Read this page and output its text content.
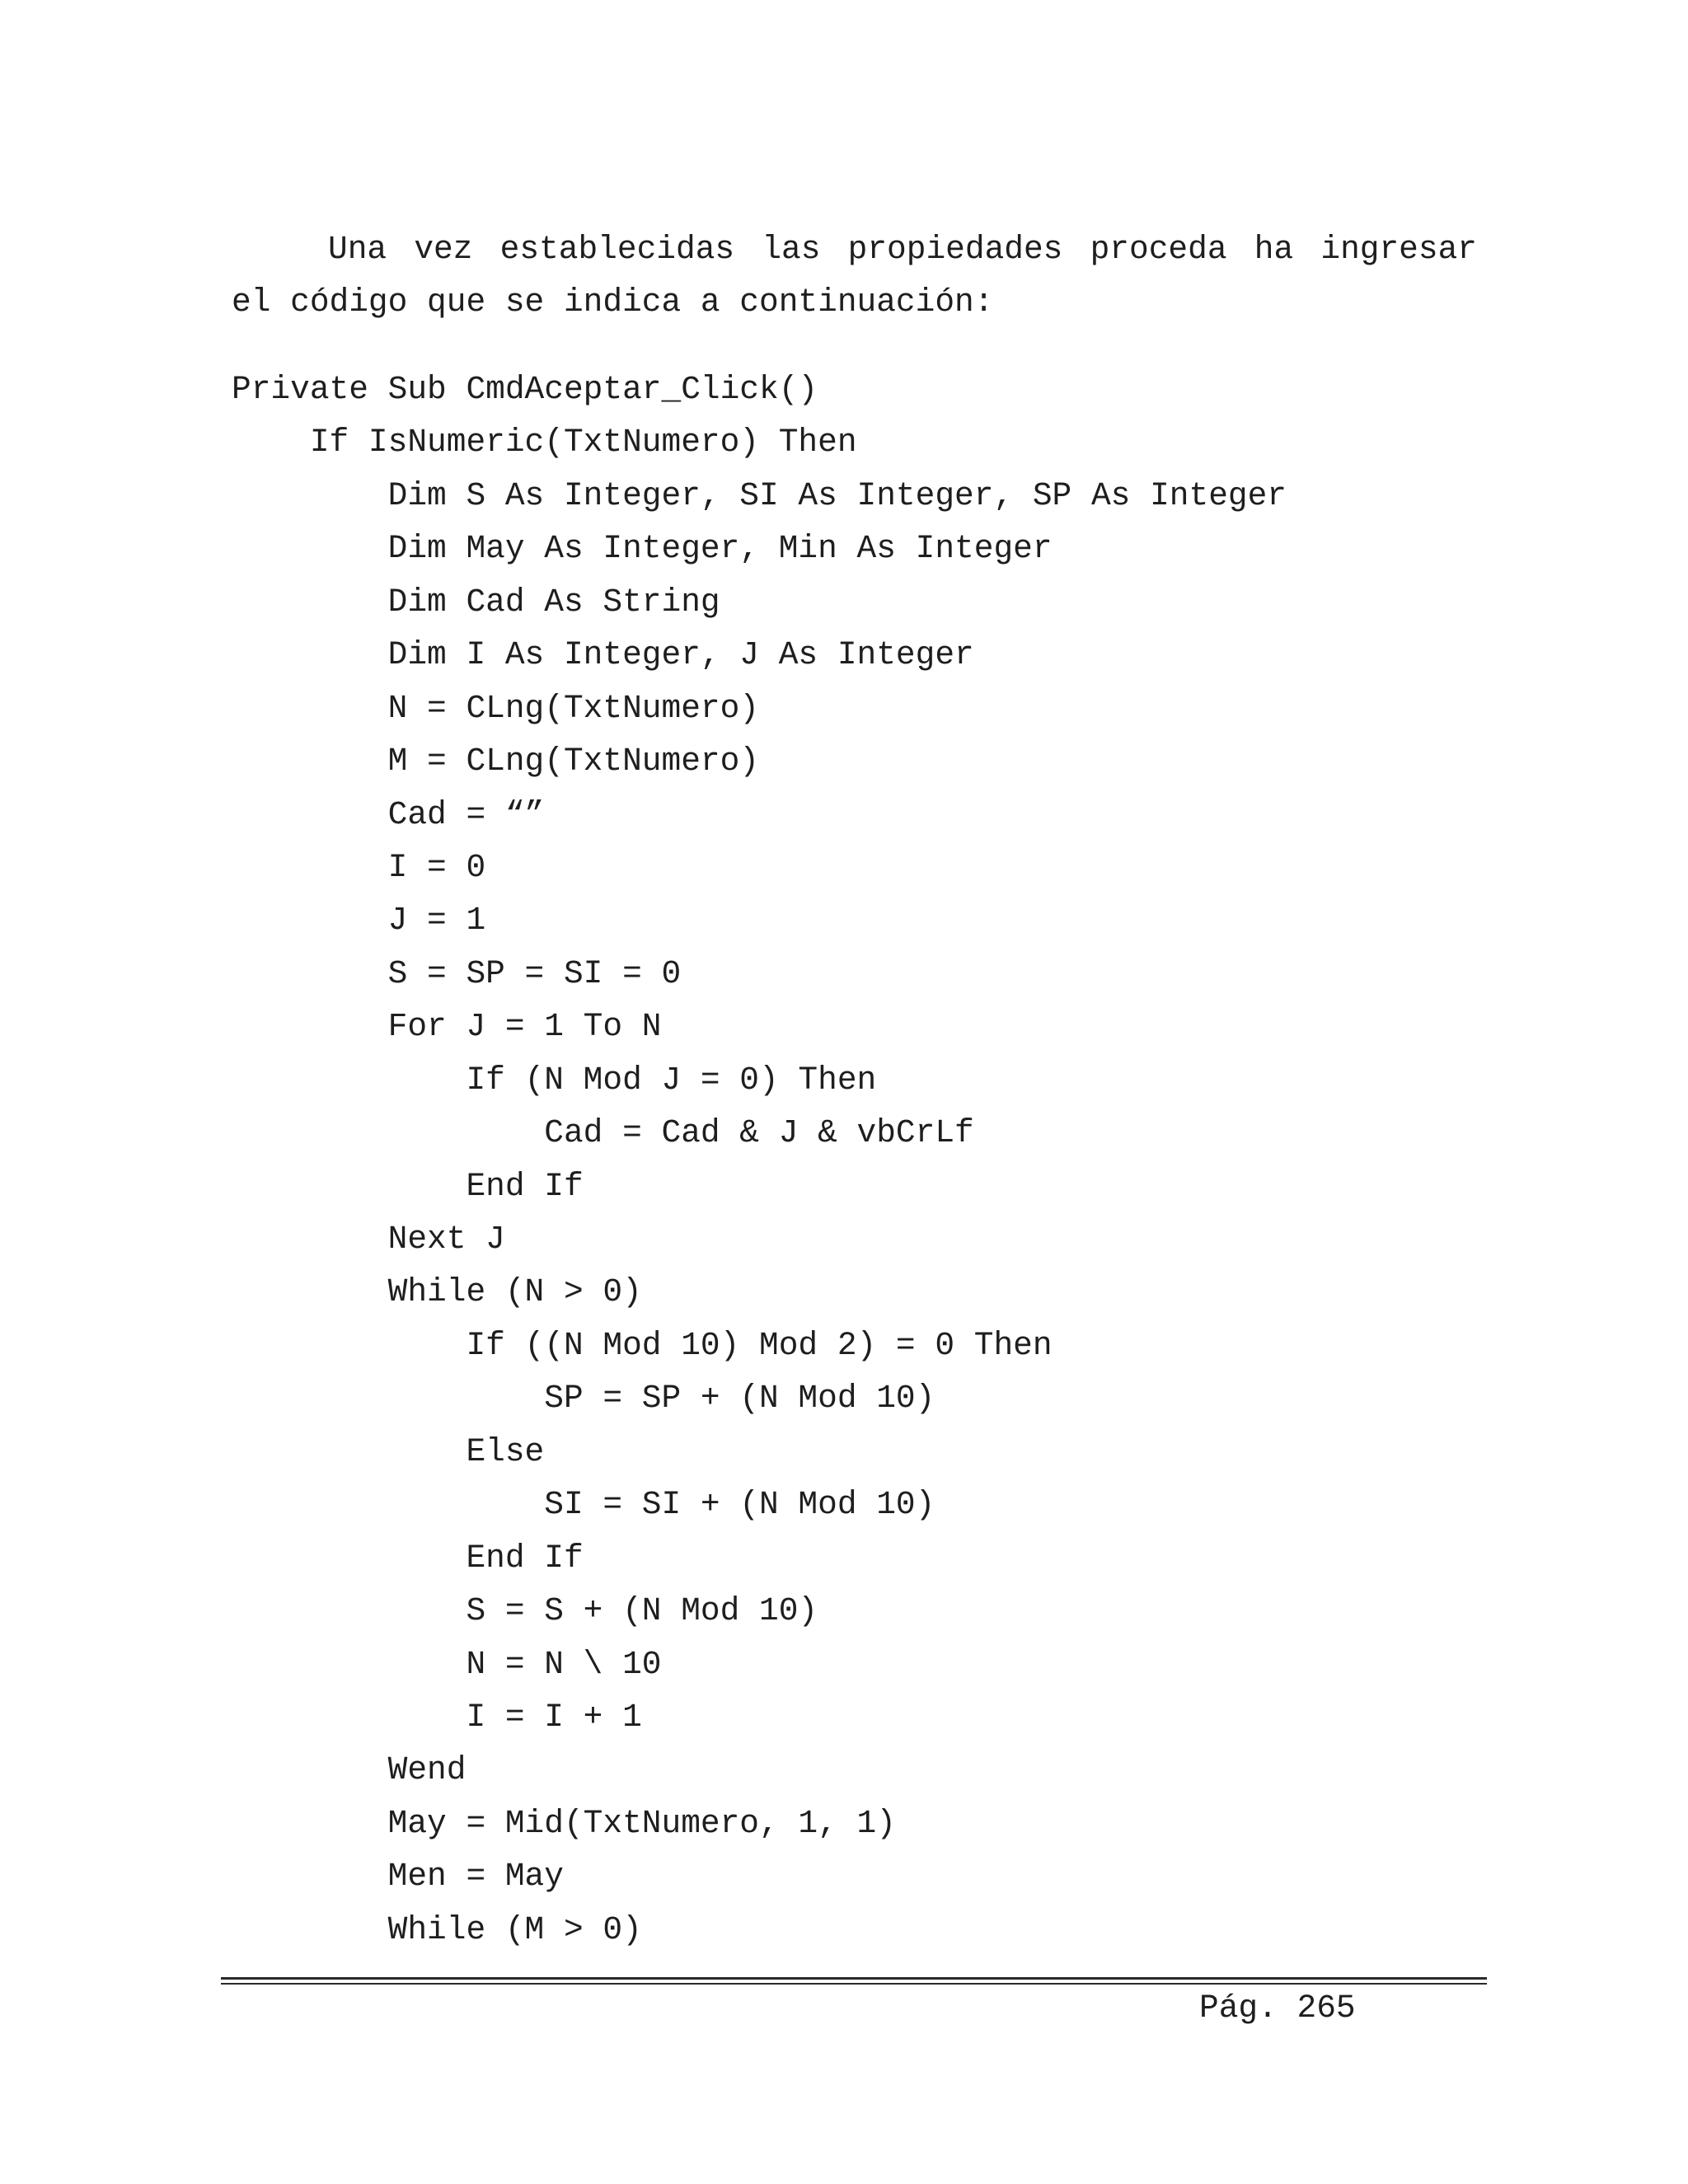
Una vez establecidas las propiedades proceda ha ingresar
el código que se indica a continuación:
Private Sub CmdAceptar_Click()
If IsNumeric(TxtNumero) Then
Dim S As Integer, SI As Integer, SP As Integer
Dim May As Integer, Min As Integer
Dim Cad As String
Dim I As Integer, J As Integer
N = CLng(TxtNumero)
M = CLng(TxtNumero)
Cad = “”
I = 0
J = 1
S = SP = SI = 0
For J = 1 To N
If (N Mod J = 0) Then
Cad = Cad & J & vbCrLf
End If
Next J
While (N > 0)
If ((N Mod 10) Mod 2) = 0 Then
SP = SP + (N Mod 10)
Else
SI = SI + (N Mod 10)
End If
S = S + (N Mod 10)
N = N \ 10
I = I + 1
Wend
May = Mid(TxtNumero, 1, 1)
Men = May
While (M > 0)
Pág. 265
